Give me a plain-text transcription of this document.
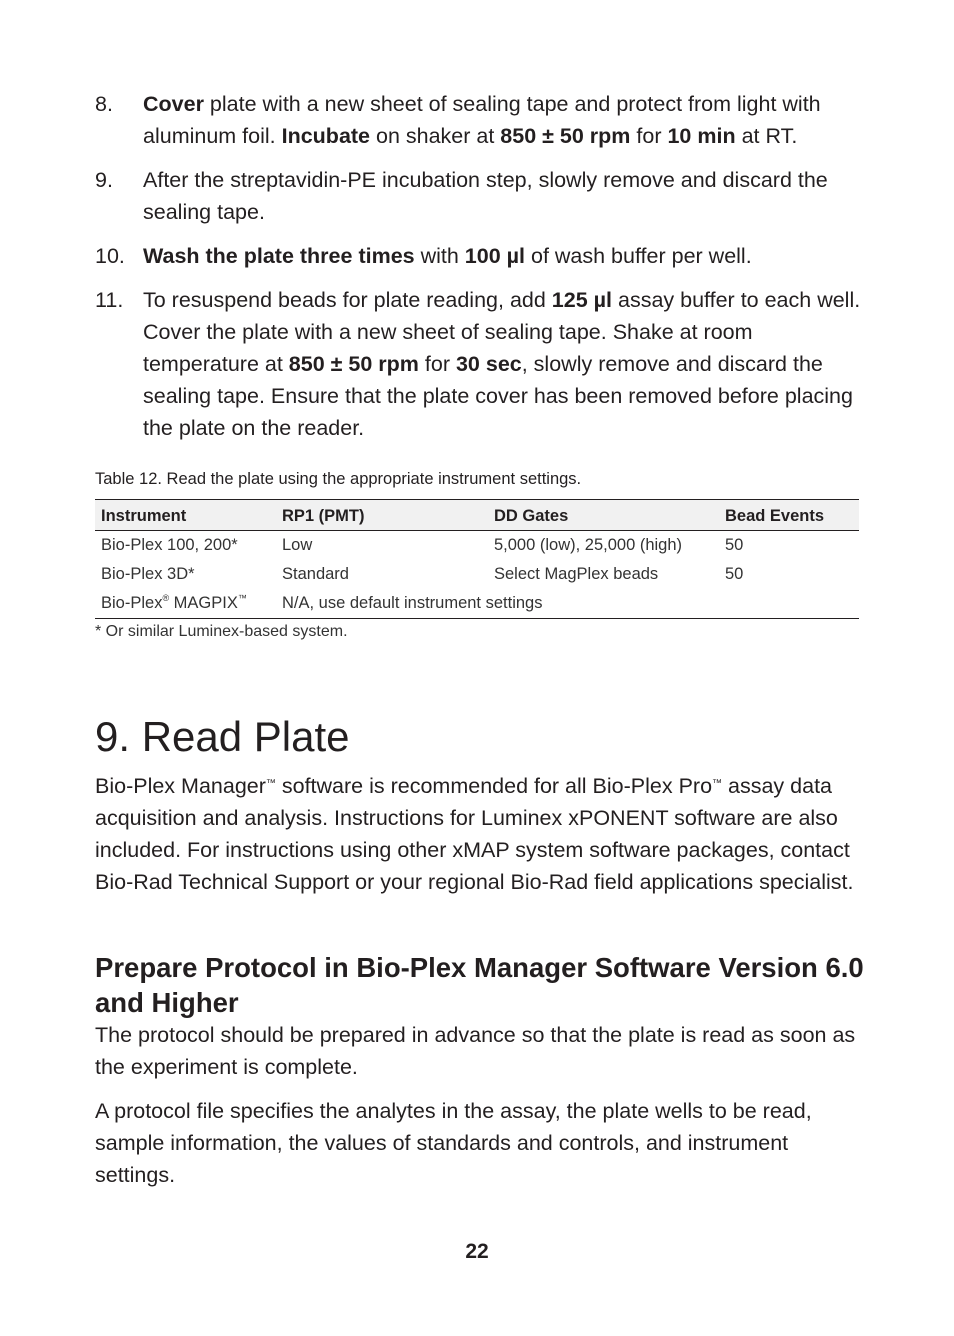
8. Cover plate with a new sheet of sealing tape and protect from light with aluminum foil. Incubate on shaker at 850 ± 50 rpm for 10 min at RT.
9. After the streptavidin-PE incubation step, slowly remove and discard the sealing tape.
10. Wash the plate three times with 100 µl of wash buffer per well.
11. To resuspend beads for plate reading, add 125 µl assay buffer to each well. Cover the plate with a new sheet of sealing tape. Shake at room temperature at 850 ± 50 rpm for 30 sec, slowly remove and discard the sealing tape. Ensure that the plate cover has been removed before placing the plate on the reader.
Table 12. Read the plate using the appropriate instrument settings.
Instrument	RP1 (PMT)	DD Gates	Bead Events
Bio-Plex 100, 200*	Low	5,000 (low), 25,000 (high)	50
Bio-Plex 3D*	Standard	Select MagPlex beads	50
Bio-Plex® MAGPIX™	N/A, use default instrument settings		
* Or similar Luminex-based system.
9. Read Plate

Bio-Plex Manager™ software is recommended for all Bio-Plex Pro™ assay data acquisition and analysis. Instructions for Luminex xPONENT software are also included. For instructions using other xMAP system software packages, contact Bio-Rad Technical Support or your regional Bio-Rad field applications specialist.

Prepare Protocol in Bio-Plex Manager Software Version 6.0 and Higher

The protocol should be prepared in advance so that the plate is read as soon as the experiment is complete.

A protocol file specifies the analytes in the assay, the plate wells to be read, sample information, the values of standards and controls, and instrument settings.

22
